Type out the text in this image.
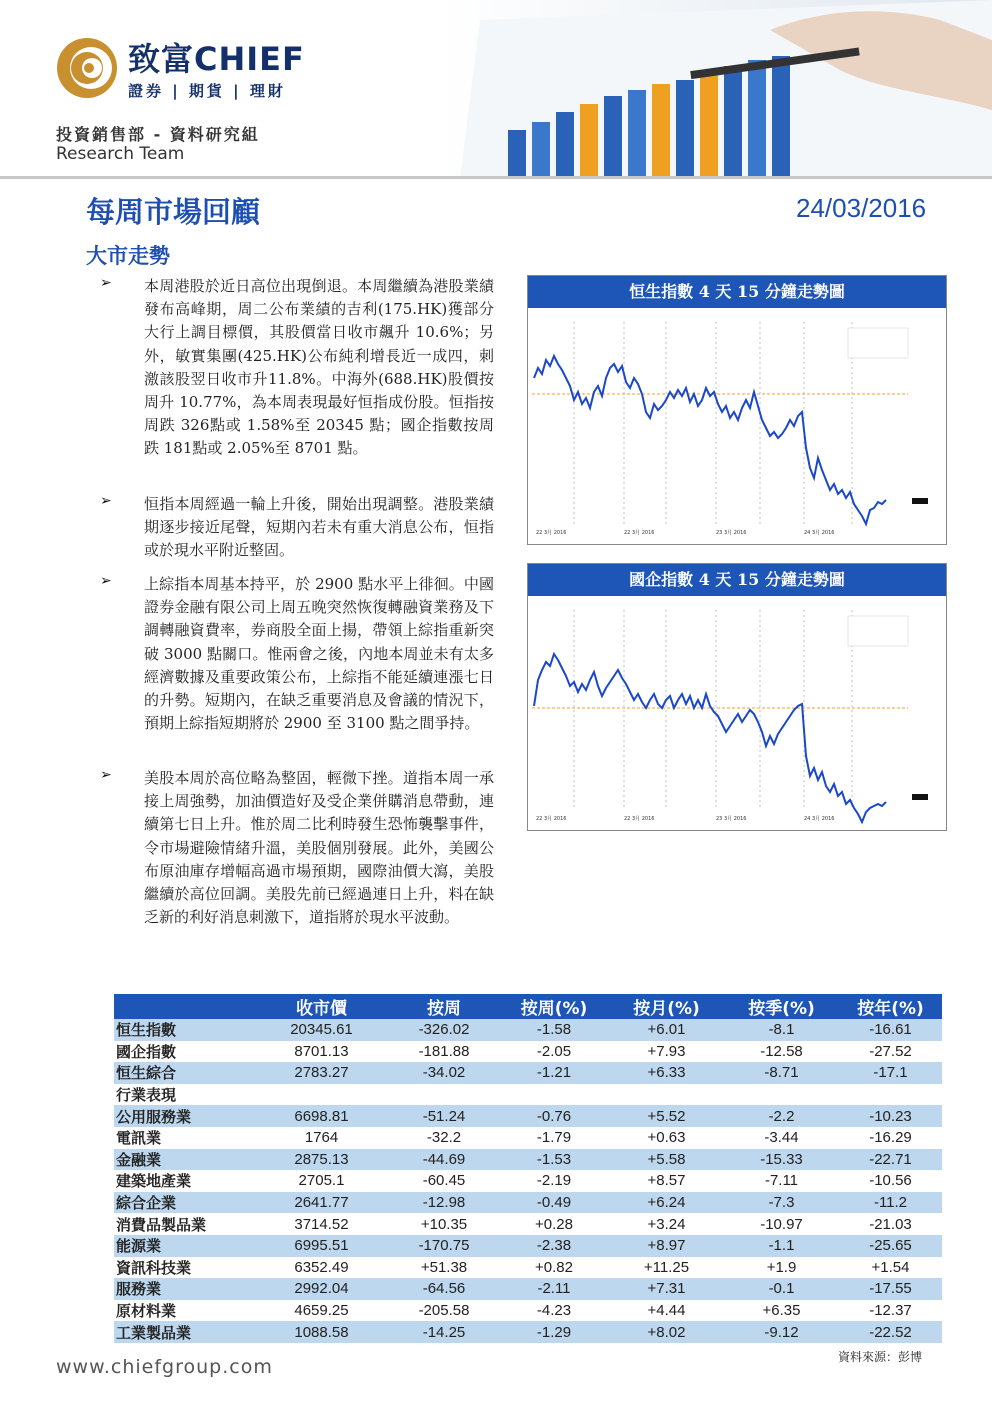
致富CHIEF
證券 | 期貨 | 理財
投資銷售部 - 資料研究組
Research Team
每周市場回顧	24/03/2016
大市走勢
➢ 本周港股於近日高位出現倒退。本周繼續為港股業績發布高峰期，周二公布業績的吉利(175.HK)獲部分大行上調目標價，其股價當日收市飆升 10.6%；另外，敏實集團(425.HK)公布純利增長近一成四，刺激該股翌日收市升11.8%。中海外(688.HK)股價按周升 10.77%，為本周表現最好恒指成份股。恒指按周跌 326點或 1.58%至 20345 點；國企指數按周跌 181點或 2.05%至 8701 點。
➢ 恒指本周經過一輪上升後，開始出現調整。港股業績期逐步接近尾聲，短期內若未有重大消息公布，恒指或於現水平附近整固。
➢ 上綜指本周基本持平，於 2900 點水平上徘徊。中國證券金融有限公司上周五晚突然恢復轉融資業務及下調轉融資費率，券商股全面上揚，帶領上綜指重新突破 3000 點關口。惟兩會之後，內地本周並未有太多經濟數據及重要政策公布，上綜指不能延續連漲七日的升勢。短期內，在缺乏重要消息及會議的情況下，預期上綜指短期將於 2900 至 3100 點之間爭持。
➢ 美股本周於高位略為整固，輕微下挫。道指本周一承接上周強勢，加油價造好及受企業併購消息帶動，連續第七日上升。惟於周二比利時發生恐怖襲擊事件，令市場避險情緒升溫，美股個別發展。此外，美國公布原油庫存增幅高過市場預期，國際油價大瀉，美股繼續於高位回調。美股先前已經過連日上升，料在缺乏新的利好消息刺激下，道指將於現水平波動。
恒生指數 4 天 15 分鐘走勢圖
22 3月 2016	22 3月 2016	23 3月 2016	24 3月 2016
國企指數 4 天 15 分鐘走勢圖
22 3月 2016	22 3月 2016	23 3月 2016	24 3月 2016
	收市價	按周	按周(%)	按月(%)	按季(%)	按年(%)
恒生指數	20345.61	-326.02	-1.58	+6.01	-8.1	-16.61
國企指數	8701.13	-181.88	-2.05	+7.93	-12.58	-27.52
恒生綜合	2783.27	-34.02	-1.21	+6.33	-8.71	-17.1
行業表現						
公用服務業	6698.81	-51.24	-0.76	+5.52	-2.2	-10.23
電訊業	1764	-32.2	-1.79	+0.63	-3.44	-16.29
金融業	2875.13	-44.69	-1.53	+5.58	-15.33	-22.71
建築地產業	2705.1	-60.45	-2.19	+8.57	-7.11	-10.56
綜合企業	2641.77	-12.98	-0.49	+6.24	-7.3	-11.2
消費品製品業	3714.52	+10.35	+0.28	+3.24	-10.97	-21.03
能源業	6995.51	-170.75	-2.38	+8.97	-1.1	-25.65
資訊科技業	6352.49	+51.38	+0.82	+11.25	+1.9	+1.54
服務業	2992.04	-64.56	-2.11	+7.31	-0.1	-17.55
原材料業	4659.25	-205.58	-4.23	+4.44	+6.35	-12.37
工業製品業	1088.58	-14.25	-1.29	+8.02	-9.12	-22.52
資料來源：彭博
www.chiefgroup.com
